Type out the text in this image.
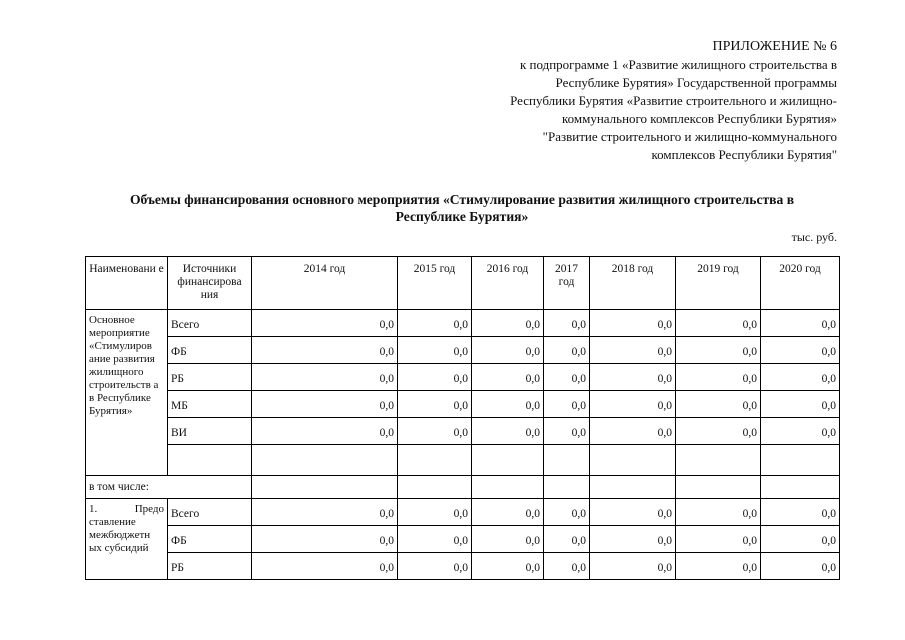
ПРИЛОЖЕНИЕ № 6
к подпрограмме 1 «Развитие жилищного строительства в
Республике Бурятия» Государственной программы
Республики Бурятия «Развитие строительного и жилищно-
коммунального комплексов Республики Бурятия»
"Развитие строительного и жилищно-коммунального
комплексов Республики Бурятия"
Объемы финансирования основного мероприятия «Стимулирование развития жилищного строительства в
Республике Бурятия»
тыс. руб.
Наименовани е	Источники финансирова ния	2014 год	2015 год	2016 год	2017 год	2018 год	2019 год	2020 год
Основное мероприятие «Стимулиров ание развития жилищного строительств а в Республике Бурятия»	Всего	0,0	0,0	0,0	0,0	0,0	0,0	0,0
	ФБ	0,0	0,0	0,0	0,0	0,0	0,0	0,0
	РБ	0,0	0,0	0,0	0,0	0,0	0,0	0,0
	МБ	0,0	0,0	0,0	0,0	0,0	0,0	0,0
	ВИ	0,0	0,0	0,0	0,0	0,0	0,0	0,0

в том числе:								

1. Предо
ставление межбюджетн ых субсидий	Всего	0,0	0,0	0,0	0,0	0,0	0,0	0,0
	ФБ	0,0	0,0	0,0	0,0	0,0	0,0	0,0
	РБ	0,0	0,0	0,0	0,0	0,0	0,0	0,0
